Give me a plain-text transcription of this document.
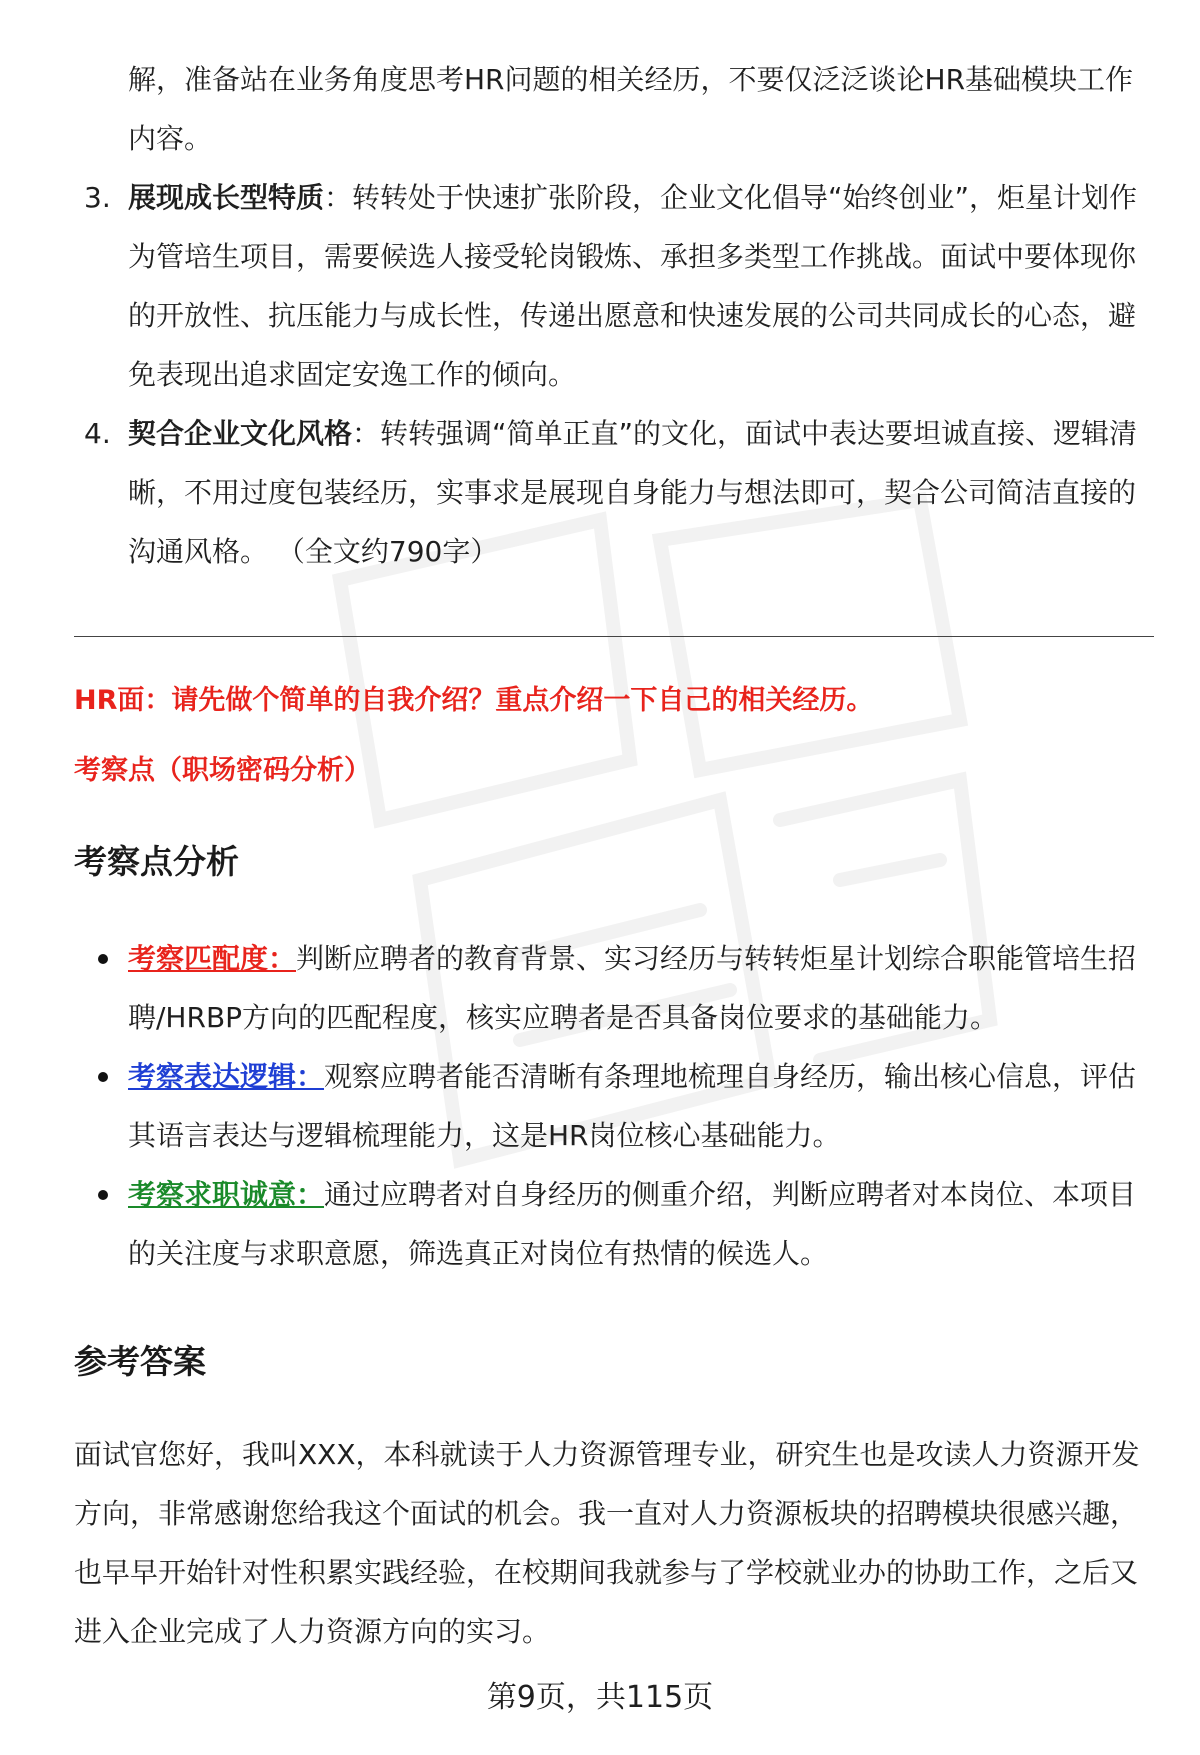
解，准备站在业务角度思考HR问题的相关经历，不要仅泛泛谈论HR基础模块工作内容。

3. 展现成长型特质：转转处于快速扩张阶段，企业文化倡导“始终创业”，炬星计划作为管培生项目，需要候选人接受轮岗锻炼、承担多类型工作挑战。面试中要体现你的开放性、抗压能力与成长性，传递出愿意和快速发展的公司共同成长的心态，避免表现出追求固定安逸工作的倾向。
4. 契合企业文化风格：转转强调“简单正直”的文化，面试中表达要坦诚直接、逻辑清晰，不用过度包装经历，实事求是展现自身能力与想法即可，契合公司简洁直接的沟通风格。 （全文约790字）

HR面：请先做个简单的自我介绍？重点介绍一下自己的相关经历。

考察点（职场密码分析）

考察点分析
考察匹配度：判断应聘者的教育背景、实习经历与转转炬星计划综合职能管培生招聘/HRBP方向的匹配程度，核实应聘者是否具备岗位要求的基础能力。
考察表达逻辑：观察应聘者能否清晰有条理地梳理自身经历，输出核心信息，评估其语言表达与逻辑梳理能力，这是HR岗位核心基础能力。
考察求职诚意：通过应聘者对自身经历的侧重介绍，判断应聘者对本岗位、本项目的关注度与求职意愿，筛选真正对岗位有热情的候选人。
参考答案

面试官您好，我叫XXX，本科就读于人力资源管理专业，研究生也是攻读人力资源开发方向，非常感谢您给我这个面试的机会。我一直对人力资源板块的招聘模块很感兴趣，也早早开始针对性积累实践经验，在校期间我就参与了学校就业办的协助工作，之后又进入企业完成了人力资源方向的实习。

第9页，共115页
